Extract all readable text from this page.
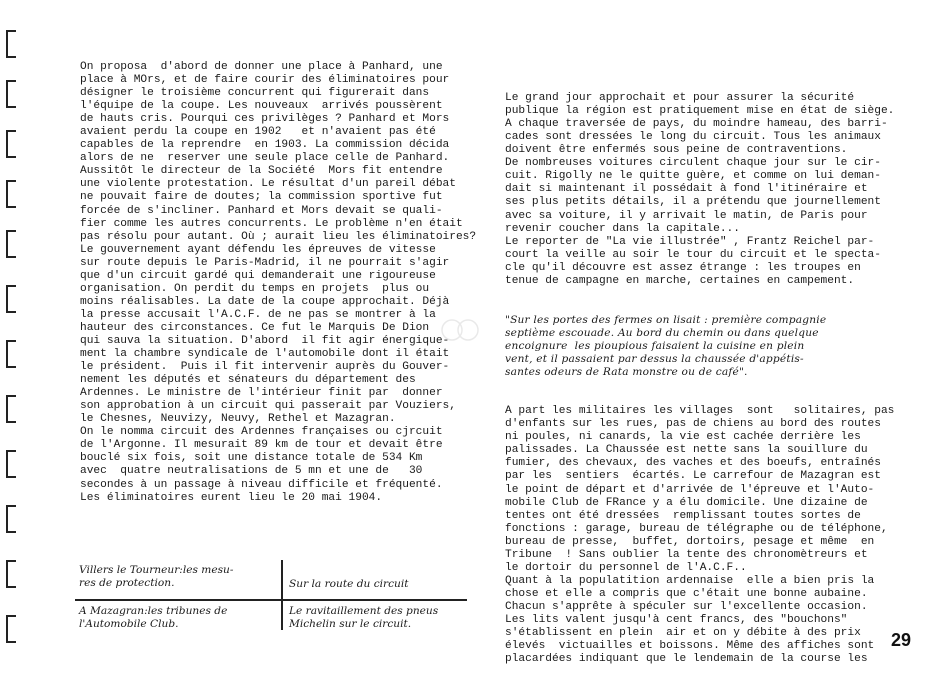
On proposa  d'abord de donner une place à Panhard, une

place à MOrs, et de faire courir des éliminatoires pour

désigner le troisième concurrent qui figurerait dans

l'équipe de la coupe. Les nouveaux  arrivés poussèrent

de hauts cris. Pourqui ces privilèges ? Panhard et Mors

avaient perdu la coupe en 1902   et n'avaient pas été

capables de la reprendre  en 1903. La commission décida

alors de ne  reserver une seule place celle de Panhard.

Aussitôt le directeur de la Société  Mors fit entendre

une violente protestation. Le résultat d'un pareil débat

ne pouvait faire de doutes; la commission sportive fut

forcée de s'incliner. Panhard et Mors devait se quali-

fier comme les autres concurrents. Le problème n'en était

pas résolu pour autant. Où ; aurait lieu les éliminatoires?

Le gouvernement ayant défendu les épreuves de vitesse

sur route depuis le Paris-Madrid, il ne pourrait s'agir

que d'un circuit gardé qui demanderait une rigoureuse

organisation. On perdit du temps en projets  plus ou

moins réalisables. La date de la coupe approchait. Déjà

la presse accusait l'A.C.F. de ne pas se montrer à la

hauteur des circonstances. Ce fut le Marquis De Dion

qui sauva la situation. D'abord  il fit agir énergique-

ment la chambre syndicale de l'automobile dont il était

le président.  Puis il fit intervenir auprès du Gouver-

nement les députés et sénateurs du département des

Ardennes. Le ministre de l'intérieur finit par  donner

son approbation à un circuit qui passerait par Vouziers,

le Chesnes, Neuvizy, Neuvy, Rethel et Mazagran.

On le nomma circuit des Ardennes françaises ou cjrcuit

de l'Argonne. Il mesurait 89 km de tour et devait être

bouclé six fois, soit une distance totale de 534 Km

avec  quatre neutralisations de 5 mn et une de   30

secondes à un passage à niveau difficile et fréquenté.

Les éliminatoires eurent lieu le 20 mai 1904.

Le grand jour approchait et pour assurer la sécurité

publique la région est pratiquement mise en état de siège.

A chaque traversée de pays, du moindre hameau, des barri-

cades sont dressées le long du circuit. Tous les animaux

doivent être enfermés sous peine de contraventions.

De nombreuses voitures circulent chaque jour sur le cir-

cuit. Rigolly ne le quitte guère, et comme on lui deman-

dait si maintenant il possédait à fond l'itinéraire et

ses plus petits détails, il a prétendu que journellement

avec sa voiture, il y arrivait le matin, de Paris pour

revenir coucher dans la capitale...

Le reporter de "La vie illustrée" , Frantz Reichel par-

court la veille au soir le tour du circuit et le specta-

cle qu'il découvre est assez étrange : les troupes en

tenue de campagne en marche, certaines en campement.

"Sur les portes des fermes on lisait : première compagnie

septième escouade. Au bord du chemin ou dans quelque

encoignure  les pioupious faisaient la cuisine en plein

vent, et il passaient par dessus la chaussée d'appétis-

santes odeurs de Rata monstre ou de café".

A part les militaires les villages  sont   solitaires, pas

d'enfants sur les rues, pas de chiens au bord des routes

ni poules, ni canards, la vie est cachée derrière les

palissades. La Chaussée est nette sans la souillure du

fumier, des chevaux, des vaches et des boeufs, entraînés

par les  sentiers  écartés. Le carrefour de Mazagran est

le point de départ et d'arrivée de l'épreuve et l'Auto-

mobile Club de FRance y a élu domicile. Une dizaine de

tentes ont été dressées  remplissant toutes sortes de

fonctions : garage, bureau de télégraphe ou de téléphone,

bureau de presse,  buffet, dortoirs, pesage et même  en

Tribune  ! Sans oublier la tente des chronomètreurs et

le dortoir du personnel de l'A.C.F..

Quant à la populatition ardennaise  elle a bien pris la

chose et elle a compris que c'était une bonne aubaine.

Chacun s'apprête à spéculer sur l'excellente occasion.

Les lits valent jusqu'à cent francs, des "bouchons"

s'établissent en plein  air et on y débite à des prix

élevés  victuailles et boissons. Même des affiches sont

placardées indiquant que le lendemain de la course les

Villers le Tourneur:les mesu-
res de protection.	Sur la route du circuit
A Mazagran:les tribunes de
l'Automobile Club.
Le ravitaillement des pneus
Michelin sur le circuit.
29
